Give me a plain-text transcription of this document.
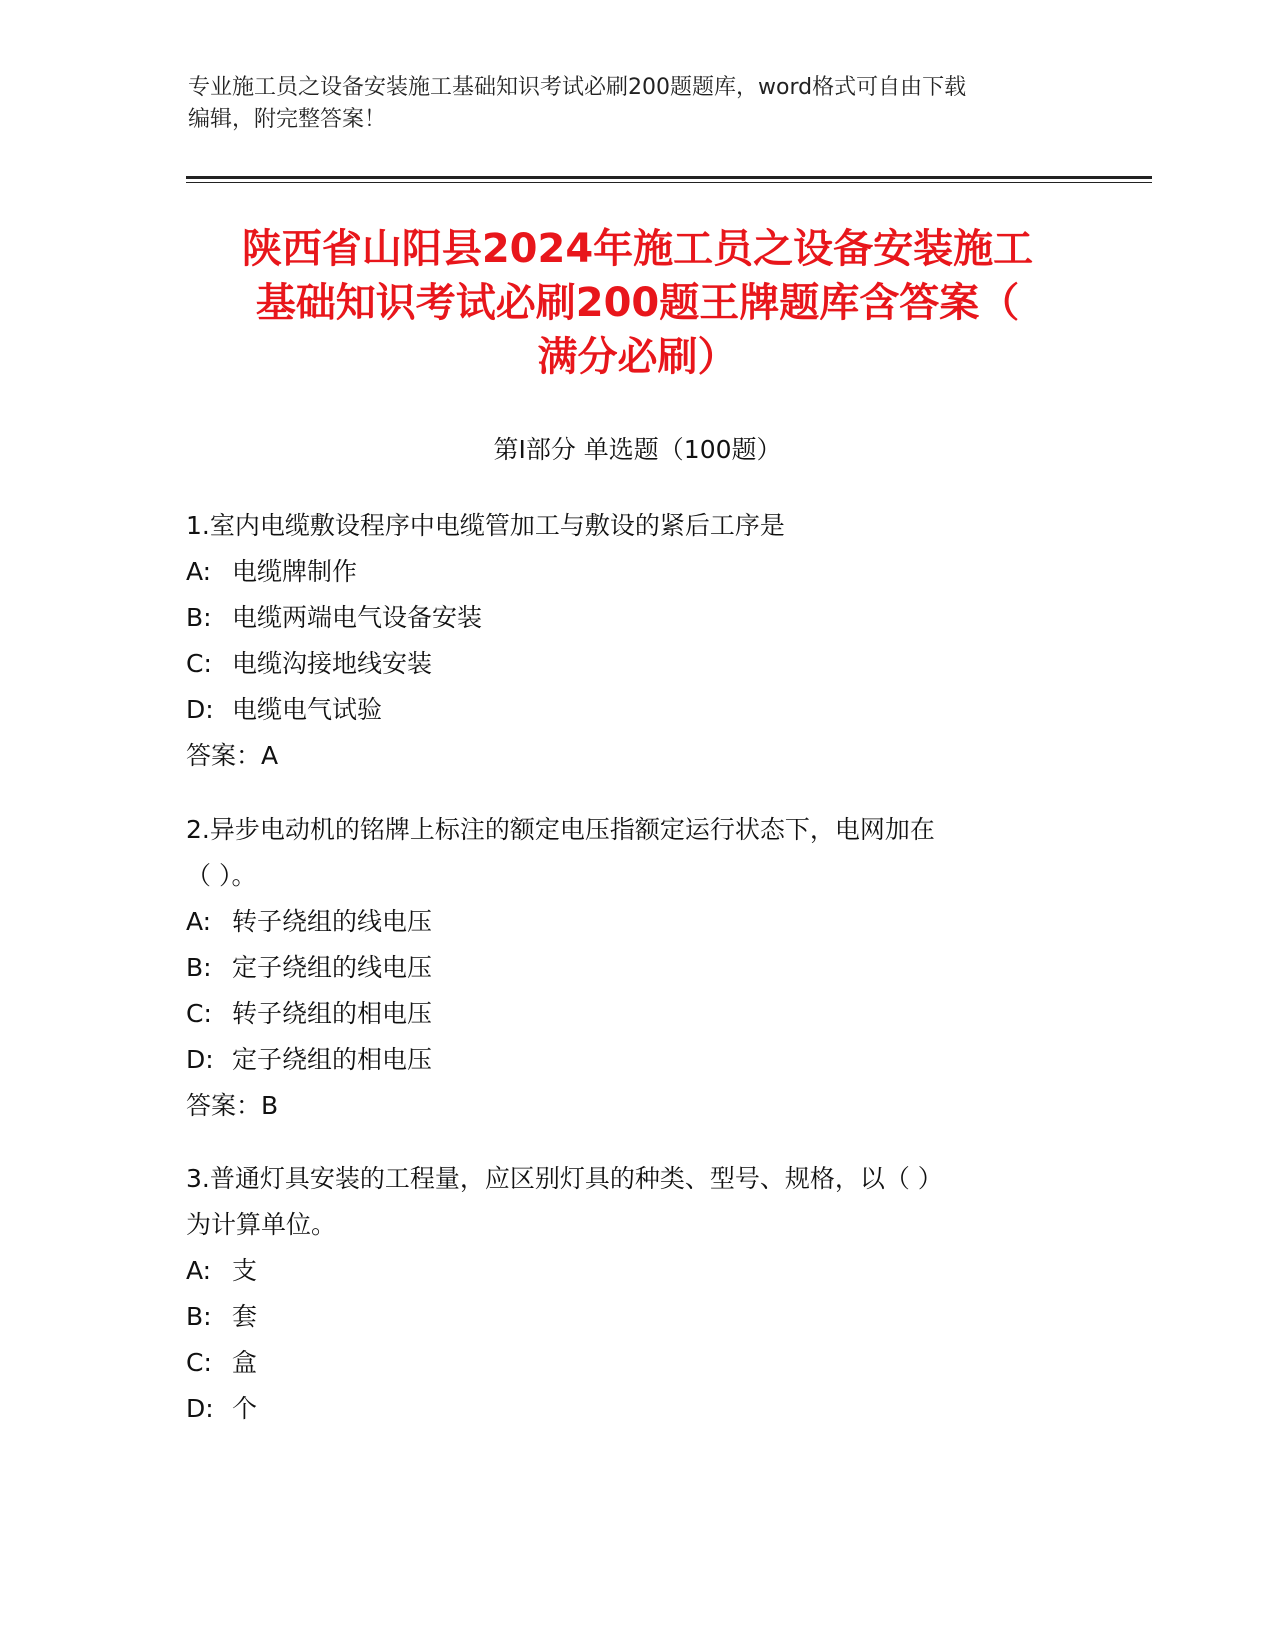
专业施工员之设备安装施工基础知识考试必刷200题题库，word格式可自由下载
编辑，附完整答案！
陕西省山阳县2024年施工员之设备安装施工
基础知识考试必刷200题王牌题库含答案（
满分必刷）
第Ⅰ部分 单选题（100题）

1.室内电缆敷设程序中电缆管加工与敷设的紧后工序是

A: 电缆牌制作

B: 电缆两端电气设备安装

C: 电缆沟接地线安装

D: 电缆电气试验

答案：A

2.异步电动机的铭牌上标注的额定电压指额定运行状态下，电网加在

（ ）。

A: 转子绕组的线电压

B: 定子绕组的线电压

C: 转子绕组的相电压

D: 定子绕组的相电压

答案：B

3.普通灯具安装的工程量，应区别灯具的种类、型号、规格，以（ ）

为计算单位。

A: 支

B: 套

C: 盒

D: 个
